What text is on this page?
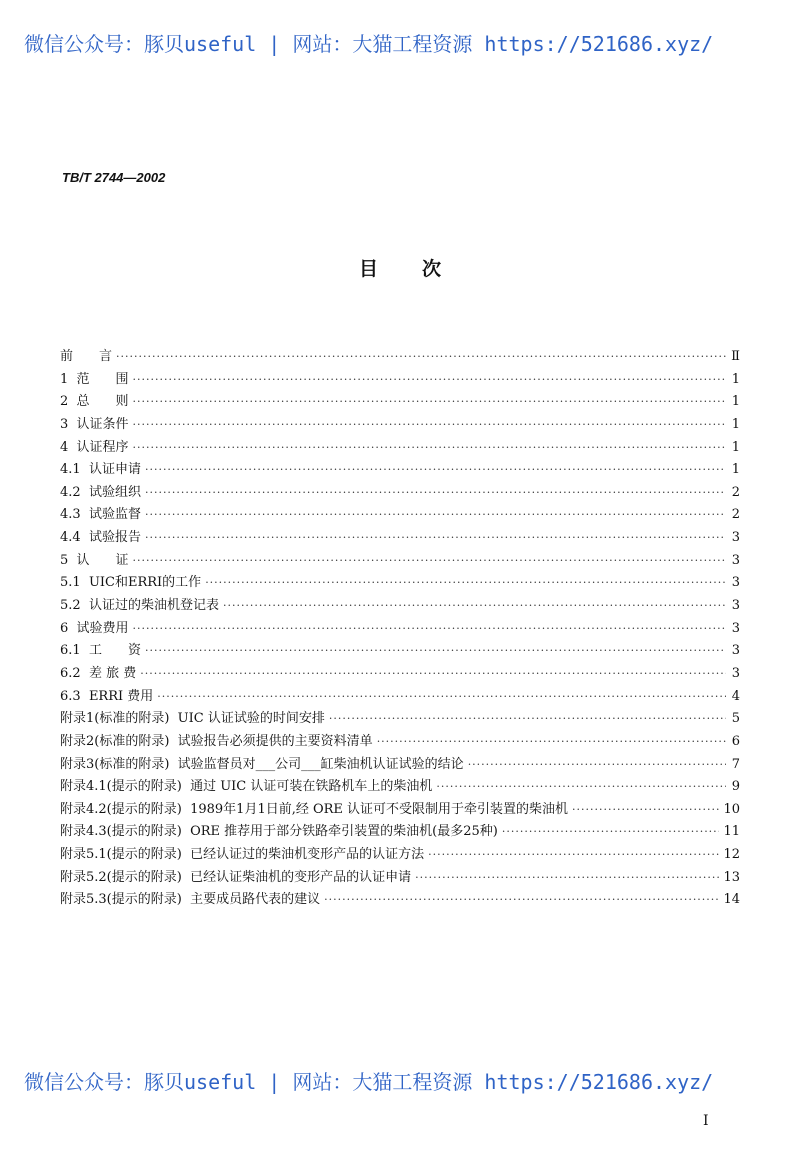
微信公众号：豚贝useful | 网站：大猫工程资源 https://521686.xyz/
TB/T 2744—2002
目次
前　　言 ·····	Ⅱ
1  范　　围 ·····	1
2  总　　则 ·····	1
3  认证条件 ·····	1
4  认证程序 ·····	1
4.1  认证申请 ·····	1
4.2  试验组织 ·····	2
4.3  试验监督 ·····	2
4.4  试验报告 ·····	3
5  认　　证 ·····	3
5.1  UIC和ERRI的工作 ·····	3
5.2  认证过的柴油机登记表 ·····	3
6  试验费用 ·····	3
6.1  工　　资 ·····	3
6.2  差 旅 费 ·····	3
6.3  ERRI 费用 ·····	4
附录1(标准的附录)  UIC 认证试验的时间安排 ·····	5
附录2(标准的附录)  试验报告必须提供的主要资料清单 ·····	6
附录3(标准的附录)  试验监督员对___公司___缸柴油机认证试验的结论 ·····	7
附录4.1(提示的附录)  通过 UIC 认证可装在铁路机车上的柴油机 ·····	9
附录4.2(提示的附录)  1989年1月1日前,经 ORE 认证可不受限制用于牵引装置的柴油机 ·····	10
附录4.3(提示的附录)  ORE 推荐用于部分铁路牵引装置的柴油机(最多25种) ·····	11
附录5.1(提示的附录)  已经认证过的柴油机变形产品的认证方法 ·····	12
附录5.2(提示的附录)  已经认证柴油机的变形产品的认证申请 ·····	13
附录5.3(提示的附录)  主要成员路代表的建议 ·····	14
微信公众号：豚贝useful | 网站：大猫工程资源 https://521686.xyz/
I
